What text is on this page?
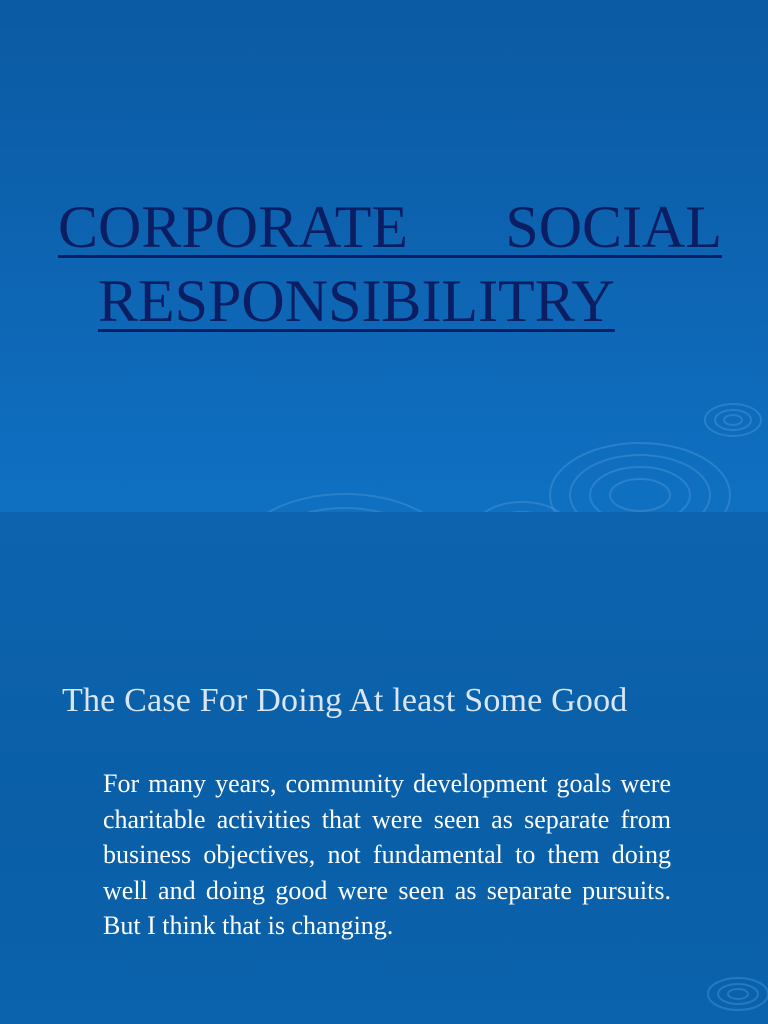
CORPORATE SOCIAL
RESPONSIBILITRY
The Case For Doing At least Some Good
For many years, community development goals were charitable activities that were seen as separate from business objectives, not fundamental to them doing well and doing good were seen as separate pursuits. But I think that is changing.
